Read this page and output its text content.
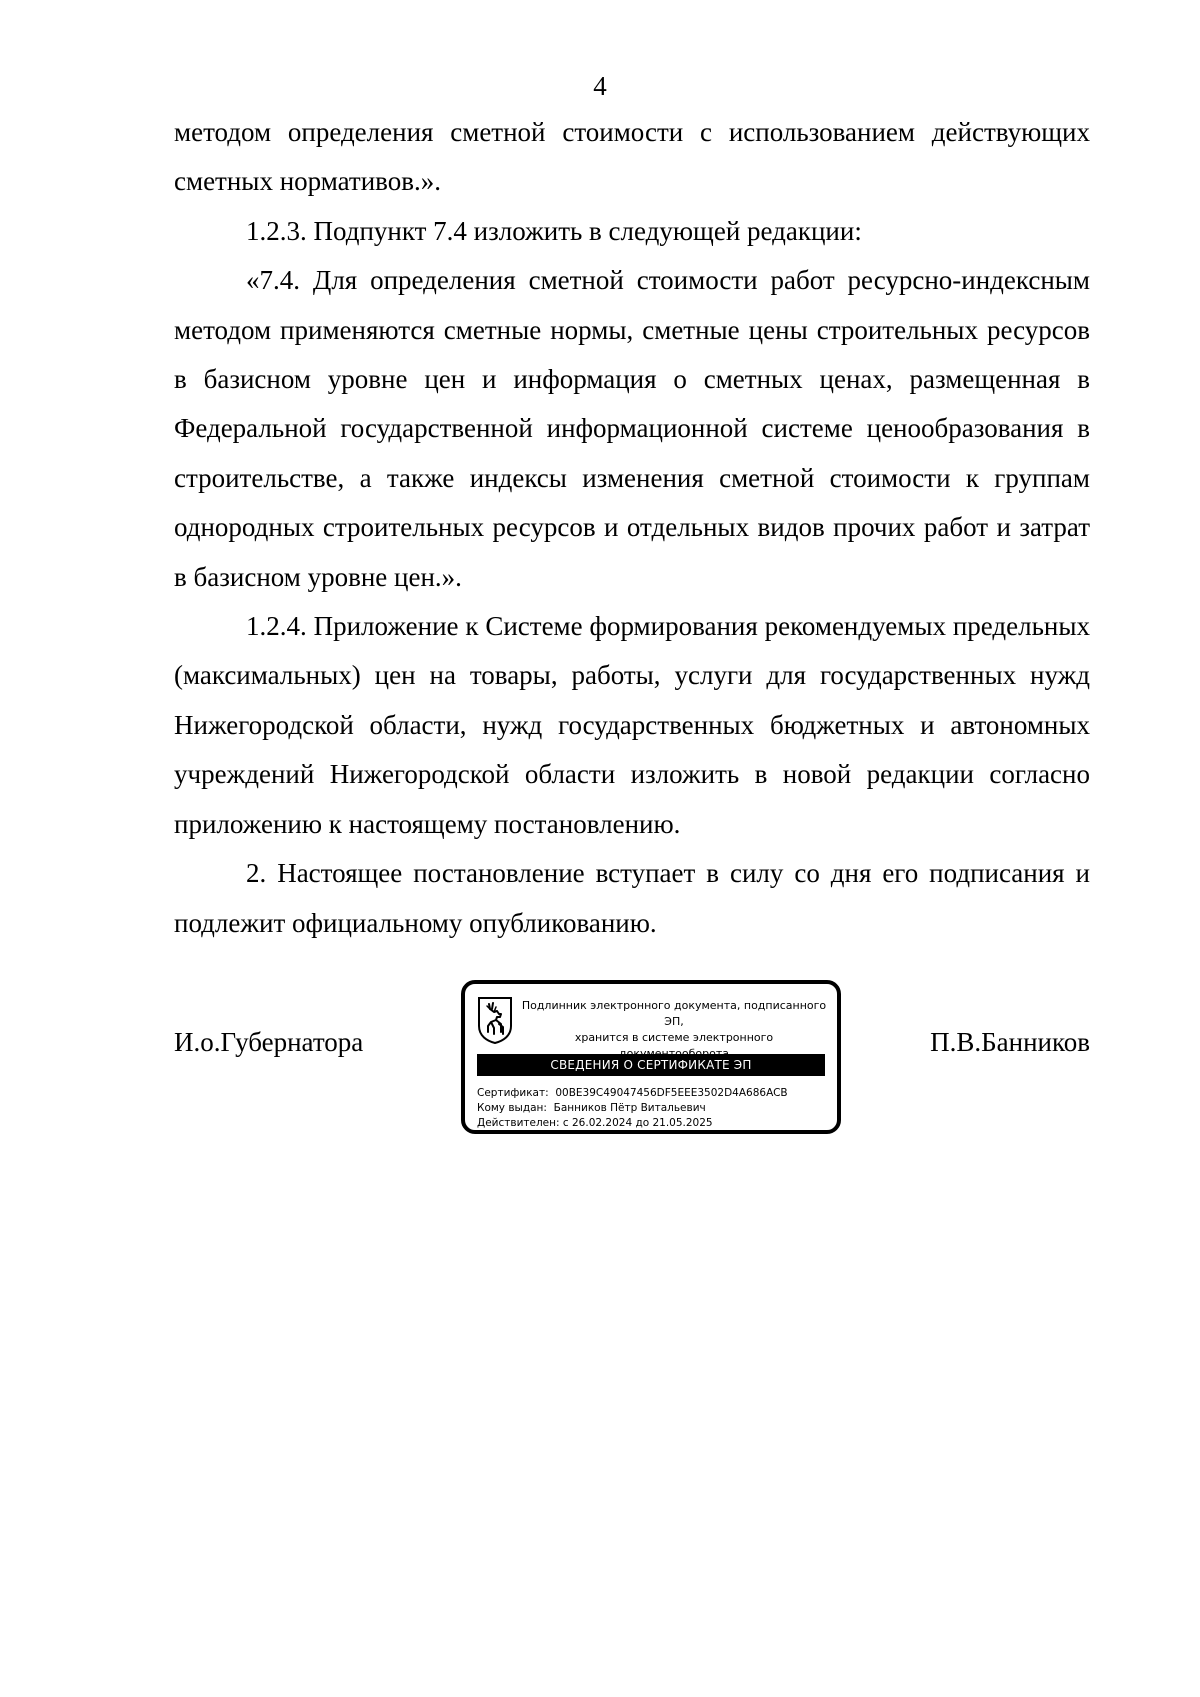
4

методом определения сметной стоимости с использованием действующих сметных нормативов.».

1.2.3. Подпункт 7.4 изложить в следующей редакции:

«7.4. Для определения сметной стоимости работ ресурсно-индексным методом применяются сметные нормы, сметные цены строительных ресурсов в базисном уровне цен и информация о сметных ценах, размещенная в Федеральной государственной информационной системе ценообразования в строительстве, а также индексы изменения сметной стоимости к группам однородных строительных ресурсов и отдельных видов прочих работ и затрат в базисном уровне цен.».

1.2.4. Приложение к Системе формирования рекомендуемых предельных (максимальных) цен на товары, работы, услуги для государственных нужд Нижегородской области, нужд государственных бюджетных и автономных учреждений Нижегородской области изложить в новой редакции согласно приложению к настоящему постановлению.

2. Настоящее постановление вступает в силу со дня его подписания и подлежит официальному опубликованию.

И.о.Губернатора
Подлинник электронного документа, подписанного ЭП,
хранится в системе электронного
СВЕДЕНИЯ О СЕРТИФИКАТЕ ЭП
Сертификат: 00BE39C49047456DF5EEE3502D4A686ACB
Кому выдан: Банников Пётр Витальевич
Действителен: с 26.02.2024 до 21.05.2025
П.В.Банников
